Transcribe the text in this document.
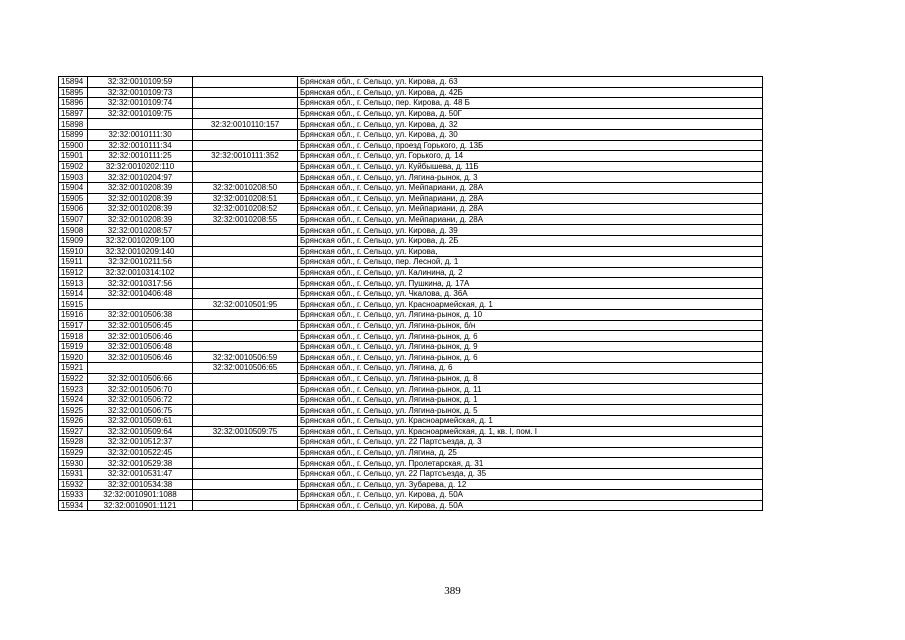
15894	32:32:0010109:59		Брянская обл., г. Сельцо, ул. Кирова, д. 63
15895	32:32:0010109:73		Брянская обл., г. Сельцо, ул. Кирова, д. 42Б
15896	32:32:0010109:74		Брянская обл., г. Сельцо, пер. Кирова, д. 48 Б
15897	32:32:0010109:75		Брянская обл., г. Сельцо, ул. Кирова, д. 50Г
15898		32:32:0010110:157	Брянская обл., г. Сельцо, ул. Кирова, д. 32
15899	32:32:0010111:30		Брянская обл., г. Сельцо, ул. Кирова, д. 30
15900	32:32:0010111:34		Брянская обл., г. Сельцо, проезд Горького, д. 13Б
15901	32:32:0010111:25	32:32:0010111:352	Брянская обл., г. Сельцо, ул. Горького, д. 14
15902	32:32:0010202:110		Брянская обл., г. Сельцо, ул. Куйбышева, д. 11Б
15903	32:32:0010204:97		Брянская обл., г. Сельцо, ул. Лягина-рынок, д. 3
15904	32:32:0010208:39	32:32:0010208:50	Брянская обл., г. Сельцо, ул. Мейпариани, д. 28А
15905	32:32:0010208:39	32:32:0010208:51	Брянская обл., г. Сельцо, ул. Мейпариани, д. 28А
15906	32:32:0010208:39	32:32:0010208:52	Брянская обл., г. Сельцо, ул. Мейпариани, д. 28А
15907	32:32:0010208:39	32:32:0010208:55	Брянская обл., г. Сельцо, ул. Мейпариани, д. 28А
15908	32:32:0010208:57		Брянская обл., г. Сельцо, ул. Кирова, д. 39
15909	32:32:0010209:100		Брянская обл., г. Сельцо, ул. Кирова, д. 2Б
15910	32:32:0010209:140		Брянская обл., г. Сельцо, ул. Кирова,
15911	32:32:0010211:56		Брянская обл., г. Сельцо, пер. Лесной, д. 1
15912	32:32:0010314:102		Брянская обл., г. Сельцо, ул. Калинина, д. 2
15913	32:32:0010317:56		Брянская обл., г. Сельцо, ул. Пушкина, д. 17А
15914	32:32:0010406:48		Брянская обл., г. Сельцо, ул. Чкалова, д. 36А
15915		32:32:0010501:95	Брянская обл., г. Сельцо, ул. Красноармейская, д. 1
15916	32:32:0010506:38		Брянская обл., г. Сельцо, ул. Лягина-рынок, д. 10
15917	32:32:0010506:45		Брянская обл., г. Сельцо, ул. Лягина-рынок, б/н
15918	32:32:0010506:46		Брянская обл., г. Сельцо, ул. Лягина-рынок, д. 6
15919	32:32:0010506:48		Брянская обл., г. Сельцо, ул. Лягина-рынок, д. 9
15920	32:32:0010506:46	32:32:0010506:59	Брянская обл., г. Сельцо, ул. Лягина-рынок, д. 6
15921		32:32:0010506:65	Брянская обл., г. Сельцо, ул. Лягина, д. 6
15922	32:32:0010506:66		Брянская обл., г. Сельцо, ул. Лягина-рынок, д. 8
15923	32:32:0010506:70		Брянская обл., г. Сельцо, ул. Лягина-рынок, д. 11
15924	32:32:0010506:72		Брянская обл., г. Сельцо, ул. Лягина-рынок, д. 1
15925	32:32:0010506:75		Брянская обл., г. Сельцо, ул. Лягина-рынок, д. 5
15926	32:32:0010509:61		Брянская обл., г. Сельцо, ул. Красноармейская, д. 1
15927	32:32:0010509:64	32:32:0010509:75	Брянская обл., г. Сельцо, ул. Красноармейская, д. 1, кв. I, пом. I
15928	32:32:0010512:37		Брянская обл., г. Сельцо, ул. 22 Партсъезда, д. 3
15929	32:32:0010522:45		Брянская обл., г. Сельцо, ул. Лягина, д. 25
15930	32:32:0010529:38		Брянская обл., г. Сельцо, ул. Пролетарская, д. 31
15931	32:32:0010531:47		Брянская обл., г. Сельцо, ул. 22 Партсъезда, д. 35
15932	32:32:0010534:38		Брянская обл., г. Сельцо, ул. Зубарева, д. 12
15933	32:32:0010901:1088		Брянская обл., г. Сельцо, ул. Кирова, д. 50А
15934	32:32:0010901:1121		Брянская обл., г. Сельцо, ул. Кирова, д. 50А
389
